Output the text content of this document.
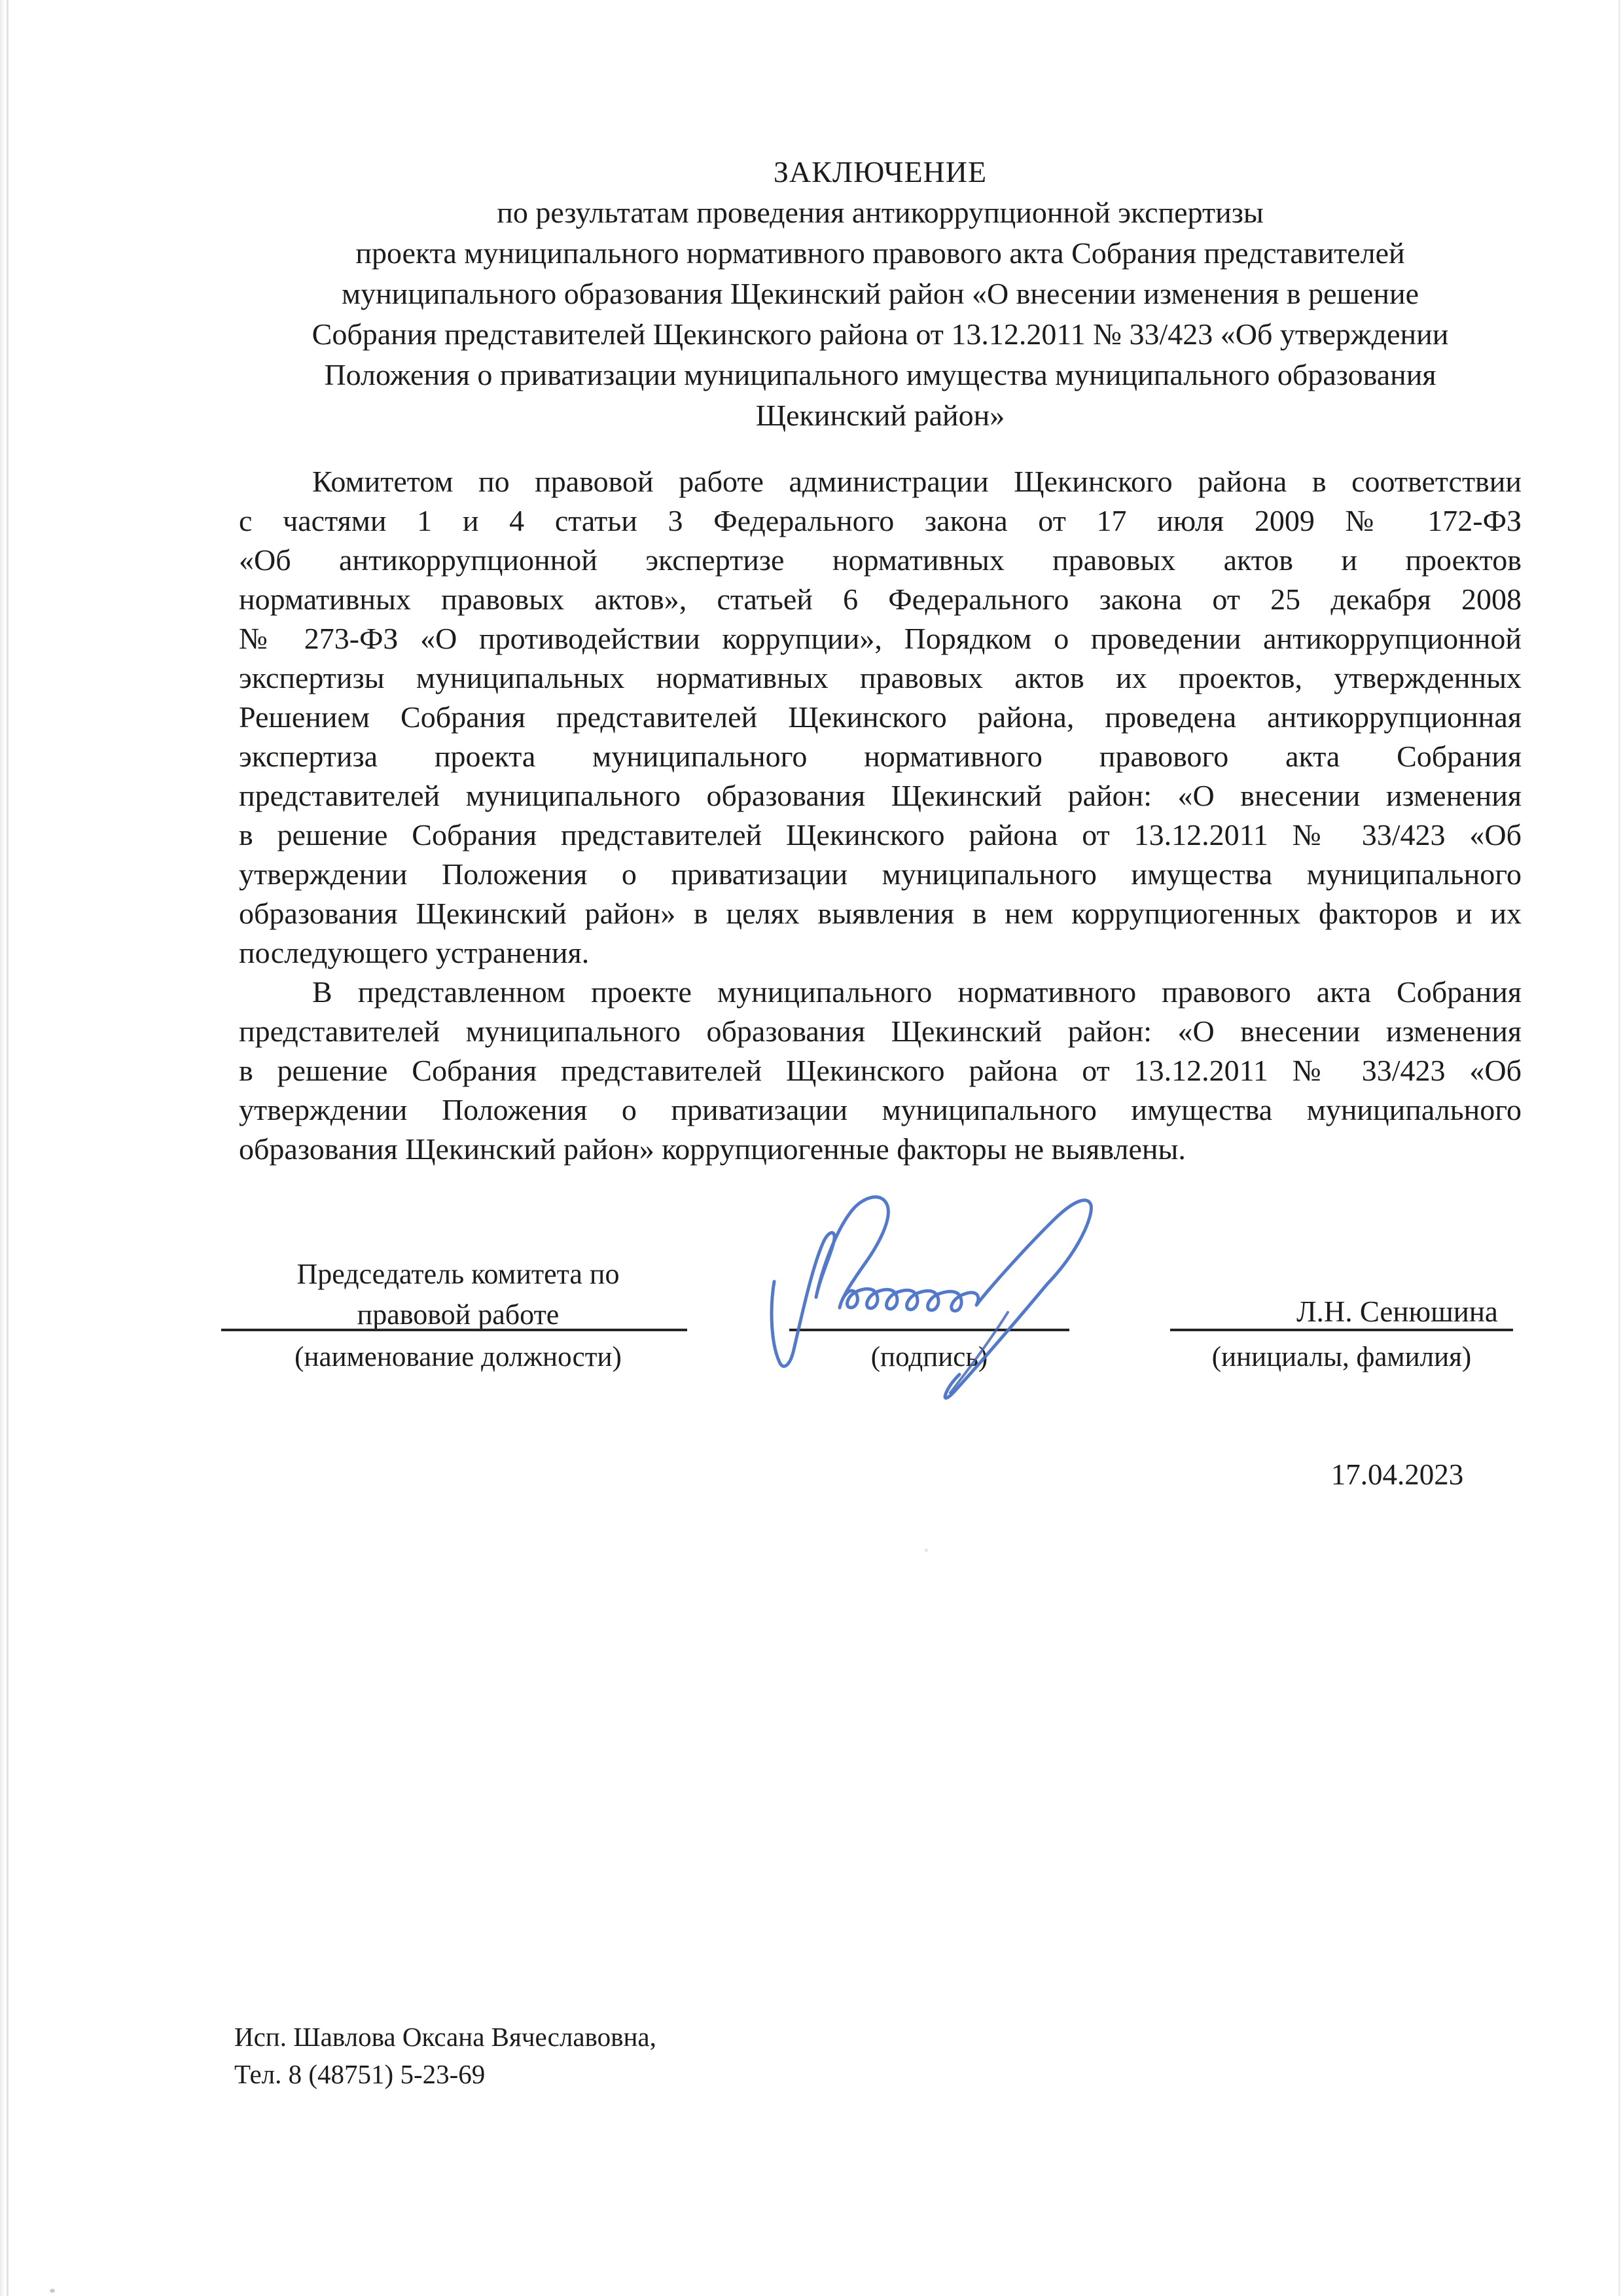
ЗАКЛЮЧЕНИЕ
по результатам проведения антикоррупционной экспертизы
проекта муниципального нормативного правового акта Собрания представителей
муниципального образования Щекинский район «О внесении изменения в решение
Собрания представителей Щекинского района от 13.12.2011 № 33/423 «Об утверждении
Положения о приватизации муниципального имущества муниципального образования
Щекинский район»
Комитетом по правовой работе администрации Щекинского района в соответствии
с частями 1 и 4 статьи 3 Федерального закона от 17 июля 2009 № 172-ФЗ
«Об антикоррупционной экспертизе нормативных правовых актов и проектов
нормативных правовых актов», статьей 6 Федерального закона от 25 декабря 2008
№ 273-ФЗ «О противодействии коррупции», Порядком о проведении антикоррупционной
экспертизы муниципальных нормативных правовых актов их проектов, утвержденных
Решением Собрания представителей Щекинского района, проведена антикоррупционная
экспертиза проекта муниципального нормативного правового акта Собрания
представителей муниципального образования Щекинский район: «О внесении изменения
в решение Собрания представителей Щекинского района от 13.12.2011 № 33/423 «Об
утверждении Положения о приватизации муниципального имущества муниципального
образования Щекинский район» в целях выявления в нем коррупциогенных факторов и их
последующего устранения.
В представленном проекте муниципального нормативного правового акта Собрания
представителей муниципального образования Щекинский район: «О внесении изменения
в решение Собрания представителей Щекинского района от 13.12.2011 № 33/423 «Об
утверждении Положения о приватизации муниципального имущества муниципального
образования Щекинский район» коррупциогенные факторы не выявлены.
Председатель комитета по
правовой работе	Л.Н. Сенюшина
(наименование должности)	(подпись)	(инициалы, фамилия)
17.04.2023
Исп. Шавлова Оксана Вячеславовна,
Тел. 8 (48751) 5-23-69
